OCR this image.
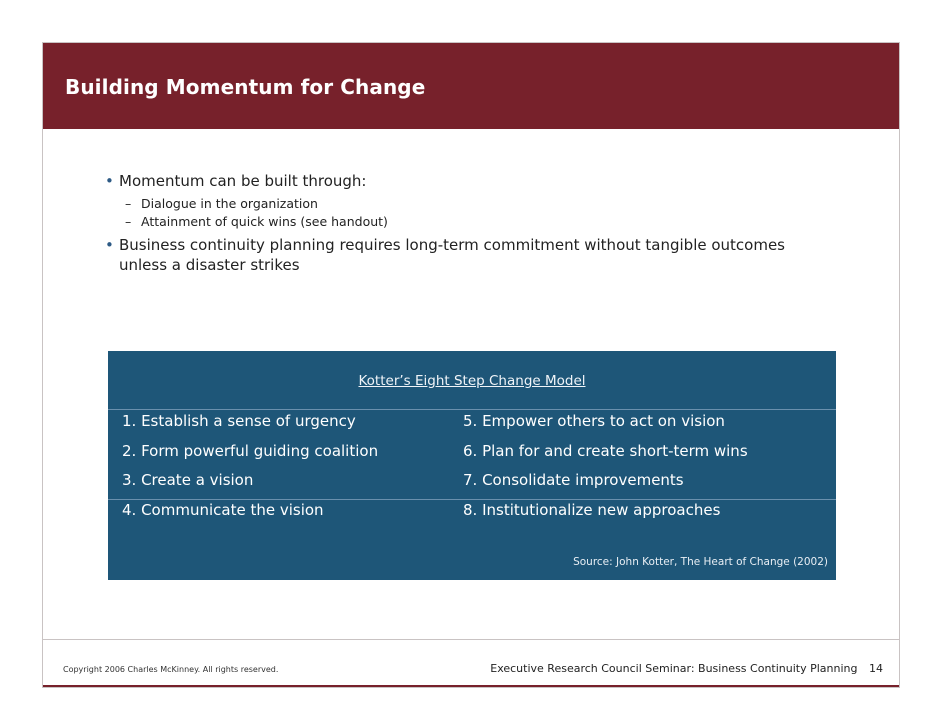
Building Momentum for Change
• Momentum can be built through:
– Dialogue in the organization
– Attainment of quick wins (see handout)
• Business continuity planning requires long-term commitment without tangible outcomes
unless a disaster strikes
Kotter’s Eight Step Change Model
1. Establish a sense of urgency
2. Form powerful guiding coalition
3. Create a vision
4. Communicate the vision
5. Empower others to act on vision
6. Plan for and create short-term wins
7. Consolidate improvements
8. Institutionalize new approaches
Source: John Kotter, The Heart of Change (2002)
Copyright 2006 Charles McKinney. All rights reserved.	Executive Research Council Seminar: Business Continuity Planning 14
